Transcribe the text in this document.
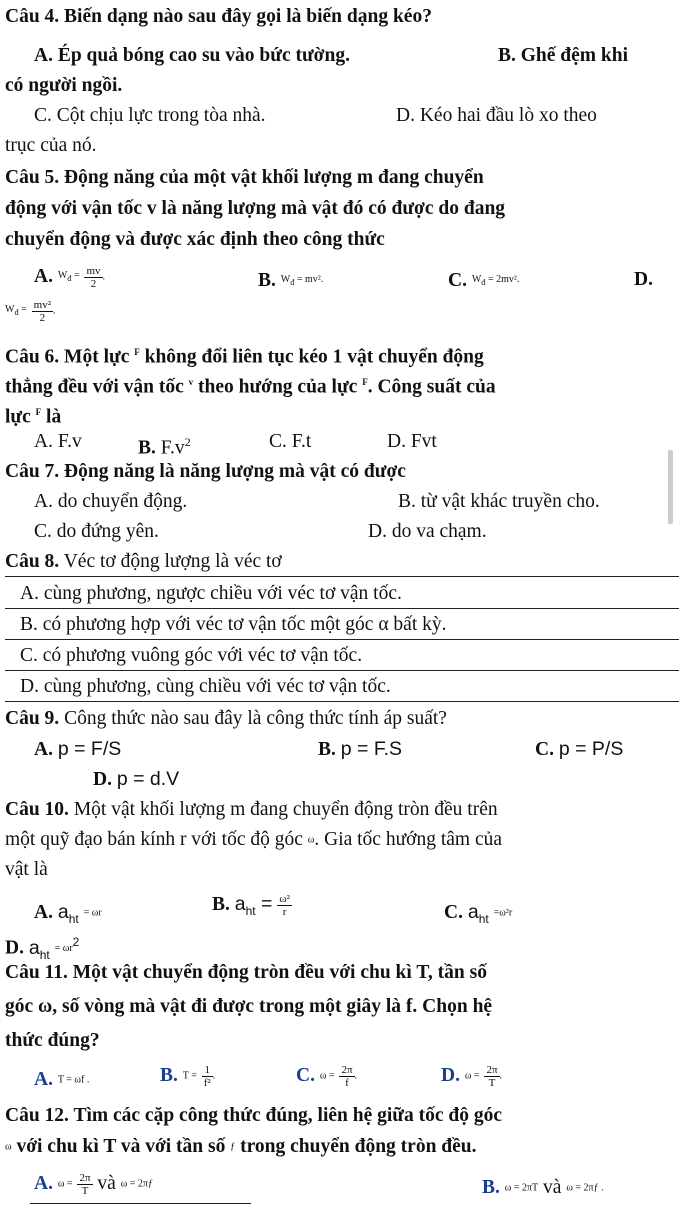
Câu 4. Biến dạng nào sau đây gọi là biến dạng kéo?
A. Ép quả bóng cao su vào bức tường.	B. Ghế đệm khi
có người ngồi.
C. Cột chịu lực trong tòa nhà.	D. Kéo hai đầu lò xo theo
trục của nó.
Câu 5. Động năng của một vật khối lượng m đang chuyển
động với vận tốc v là năng lượng mà vật đó có được do đang
chuyển động và được xác định theo công thức
A. $W_đ = \frac{mv}{2}$ .	B. $W_đ = mv^2$.	C. $W_đ = 2mv^2$.	D.
$W_đ = \frac{\text{mv²}}{2}$ .
Câu 6. Một lực $^F$ không đổi liên tục kéo 1 vật chuyển động
thẳng đều với vận tốc $^v$ theo hướng của lực $^F$. Công suất của
lực $^F$ là
A. F.v	B. $F.v^2$	C. F.t	D. Fvt
Câu 7. Động năng là năng lượng mà vật có được
A. do chuyển động.	B. từ vật khác truyền cho.
C. do đứng yên.	D. do va chạm.
Câu 8. Véc tơ động lượng là véc tơ
A. cùng phương, ngược chiều với véc tơ vận tốc.
B. có phương hợp với véc tơ vận tốc một góc α bất kỳ.
C. có phương vuông góc với véc tơ vận tốc.
D. cùng phương, cùng chiều với véc tơ vận tốc.
Câu 9. Công thức nào sau đây là công thức tính áp suất?
A. p = F/S	B. p = F.S	C. p = P/S
D. p = d.V
Câu 10. Một vật khối lượng m đang chuyển động tròn đều trên
một quỹ đạo bán kính r với tốc độ góc ω. Gia tốc hướng tâm của
vật là
A. $a_{ht} = \omega r$	B. $a_{ht} = \frac{\text{ω²}}{r}$	C. $a_{ht} =\omega^2r$
D. $a_{ht} = \omega r^2$
Câu 11. Một vật chuyển động tròn đều với chu kì T, tần số
góc ω, số vòng mà vật đi được trong một giây là f. Chọn hệ
thức đúng?
A. T = ωf .	B. $T = \frac{1}{\text{f²}}$ .	C. $\omega = \frac{2\pi}{f}$ .	D. $\omega = \frac{2\pi}{T}$ .
Câu 12. Tìm các cặp công thức đúng, liên hệ giữa tốc độ góc
ω với chu kì T và với tần số ƒ trong chuyển động tròn đều.
A. $\omega = \frac{2\pi}{T}$ và ω = 2πƒ	B. ω = 2πT và ω = 2πƒ .
